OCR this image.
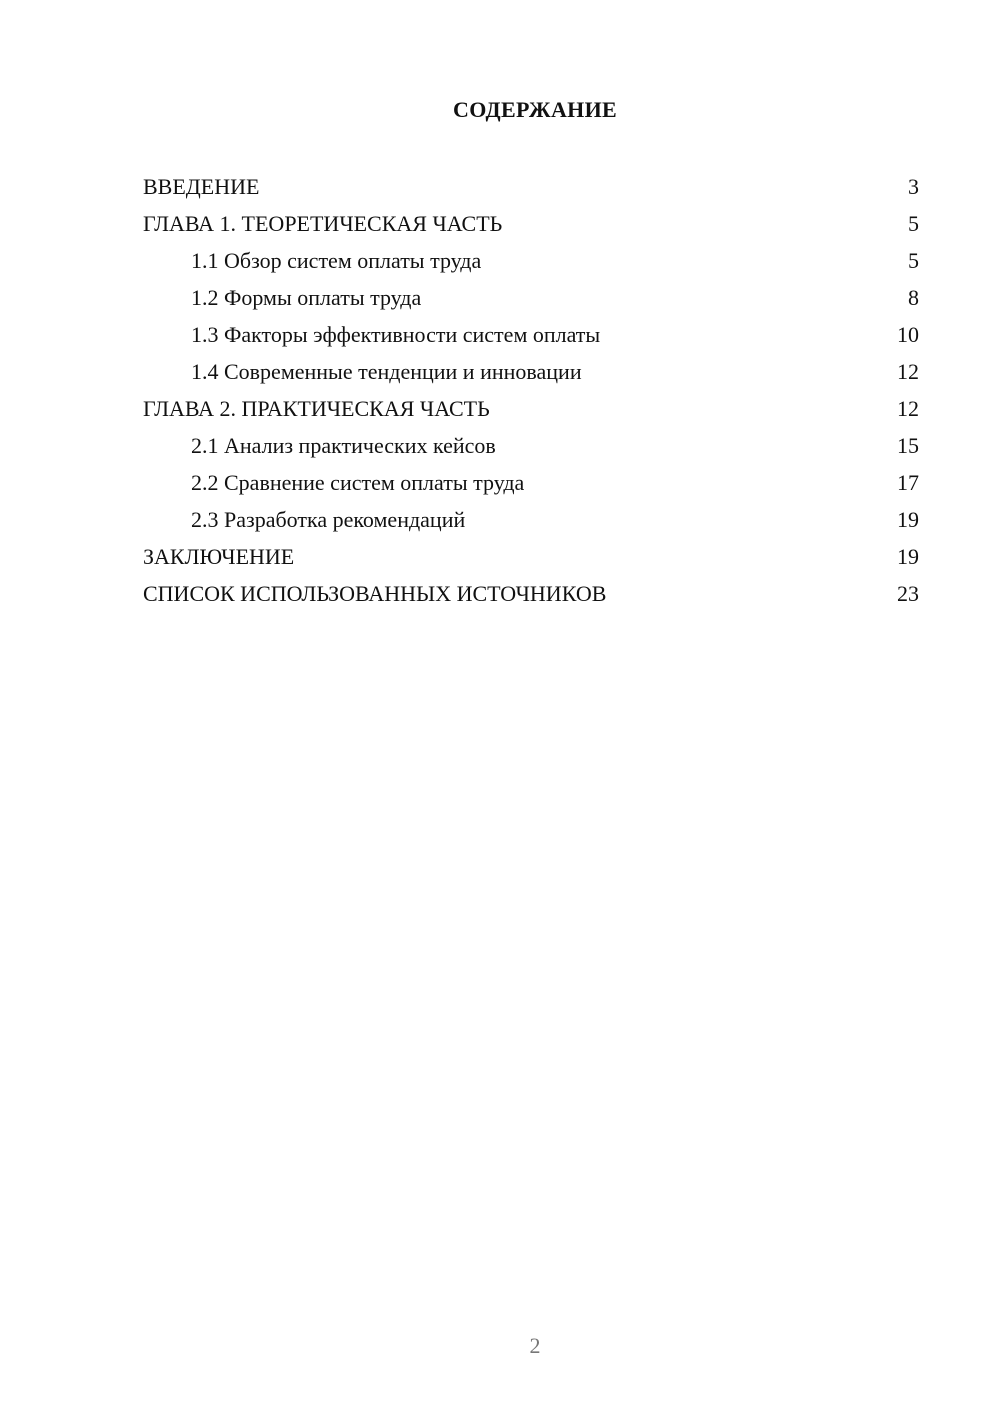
СОДЕРЖАНИЕ
ВВЕДЕНИЕ	3
ГЛАВА 1. ТЕОРЕТИЧЕСКАЯ ЧАСТЬ	5
1.1 Обзор систем оплаты труда	5
1.2 Формы оплаты труда	8
1.3 Факторы эффективности систем оплаты	10
1.4 Современные тенденции и инновации	12
ГЛАВА 2. ПРАКТИЧЕСКАЯ ЧАСТЬ	12
2.1 Анализ практических кейсов	15
2.2 Сравнение систем оплаты труда	17
2.3 Разработка рекомендаций	19
ЗАКЛЮЧЕНИЕ	19
СПИСОК ИСПОЛЬЗОВАННЫХ ИСТОЧНИКОВ	23
2
